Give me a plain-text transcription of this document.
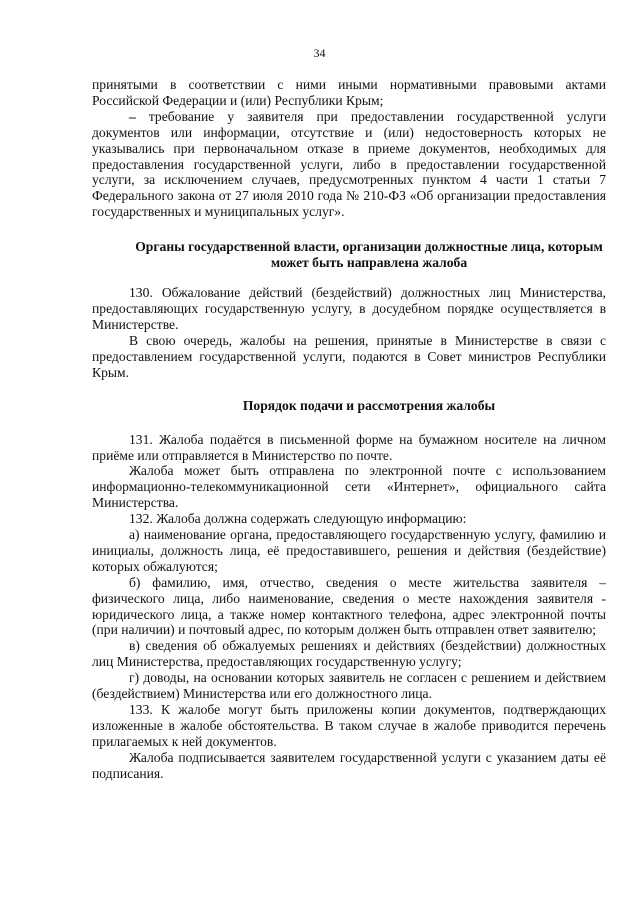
34

принятыми в соответствии с ними иными нормативными правовыми актами Российской Федерации и (или) Республики Крым;

– требование у заявителя при предоставлении государственной услуги документов или информации, отсутствие и (или) недостоверность которых не указывались при первоначальном отказе в приеме документов, необходимых для предоставления государственной услуги, либо в предоставлении государственной услуги, за исключением случаев, предусмотренных пунктом 4 части 1 статьи 7 Федерального закона от 27 июля 2010 года № 210-ФЗ «Об организации предоставления государственных и муниципальных услуг».

Органы государственной власти, организации должностные лица, которым может быть направлена жалоба

130. Обжалование действий (бездействий) должностных лиц Министерства, предоставляющих государственную услугу, в досудебном порядке осуществляется в Министерстве.

В свою очередь, жалобы на решения, принятые в Министерстве в связи с предоставлением государственной услуги, подаются в Совет министров Республики Крым.

Порядок подачи и рассмотрения жалобы

131. Жалоба подаётся в письменной форме на бумажном носителе на личном приёме или отправляется в Министерство по почте.

Жалоба может быть отправлена по электронной почте с использованием информационно-телекоммуникационной сети «Интернет», официального сайта Министерства.

132. Жалоба должна содержать следующую информацию:

а) наименование органа, предоставляющего государственную услугу, фамилию и инициалы, должность лица, её предоставившего, решения и действия (бездействие) которых обжалуются;

б) фамилию, имя, отчество, сведения о месте жительства заявителя – физического лица, либо наименование, сведения о месте нахождения заявителя - юридического лица, а также номер контактного телефона, адрес электронной почты (при наличии) и почтовый адрес, по которым должен быть отправлен ответ заявителю;

в) сведения об обжалуемых решениях и действиях (бездействии) должностных лиц Министерства, предоставляющих государственную услугу;

г) доводы, на основании которых заявитель не согласен с решением и действием (бездействием) Министерства или его должностного лица.

133. К жалобе могут быть приложены копии документов, подтверждающих изложенные в жалобе обстоятельства. В таком случае в жалобе приводится перечень прилагаемых к ней документов.

Жалоба подписывается заявителем государственной услуги с указанием даты её подписания.
